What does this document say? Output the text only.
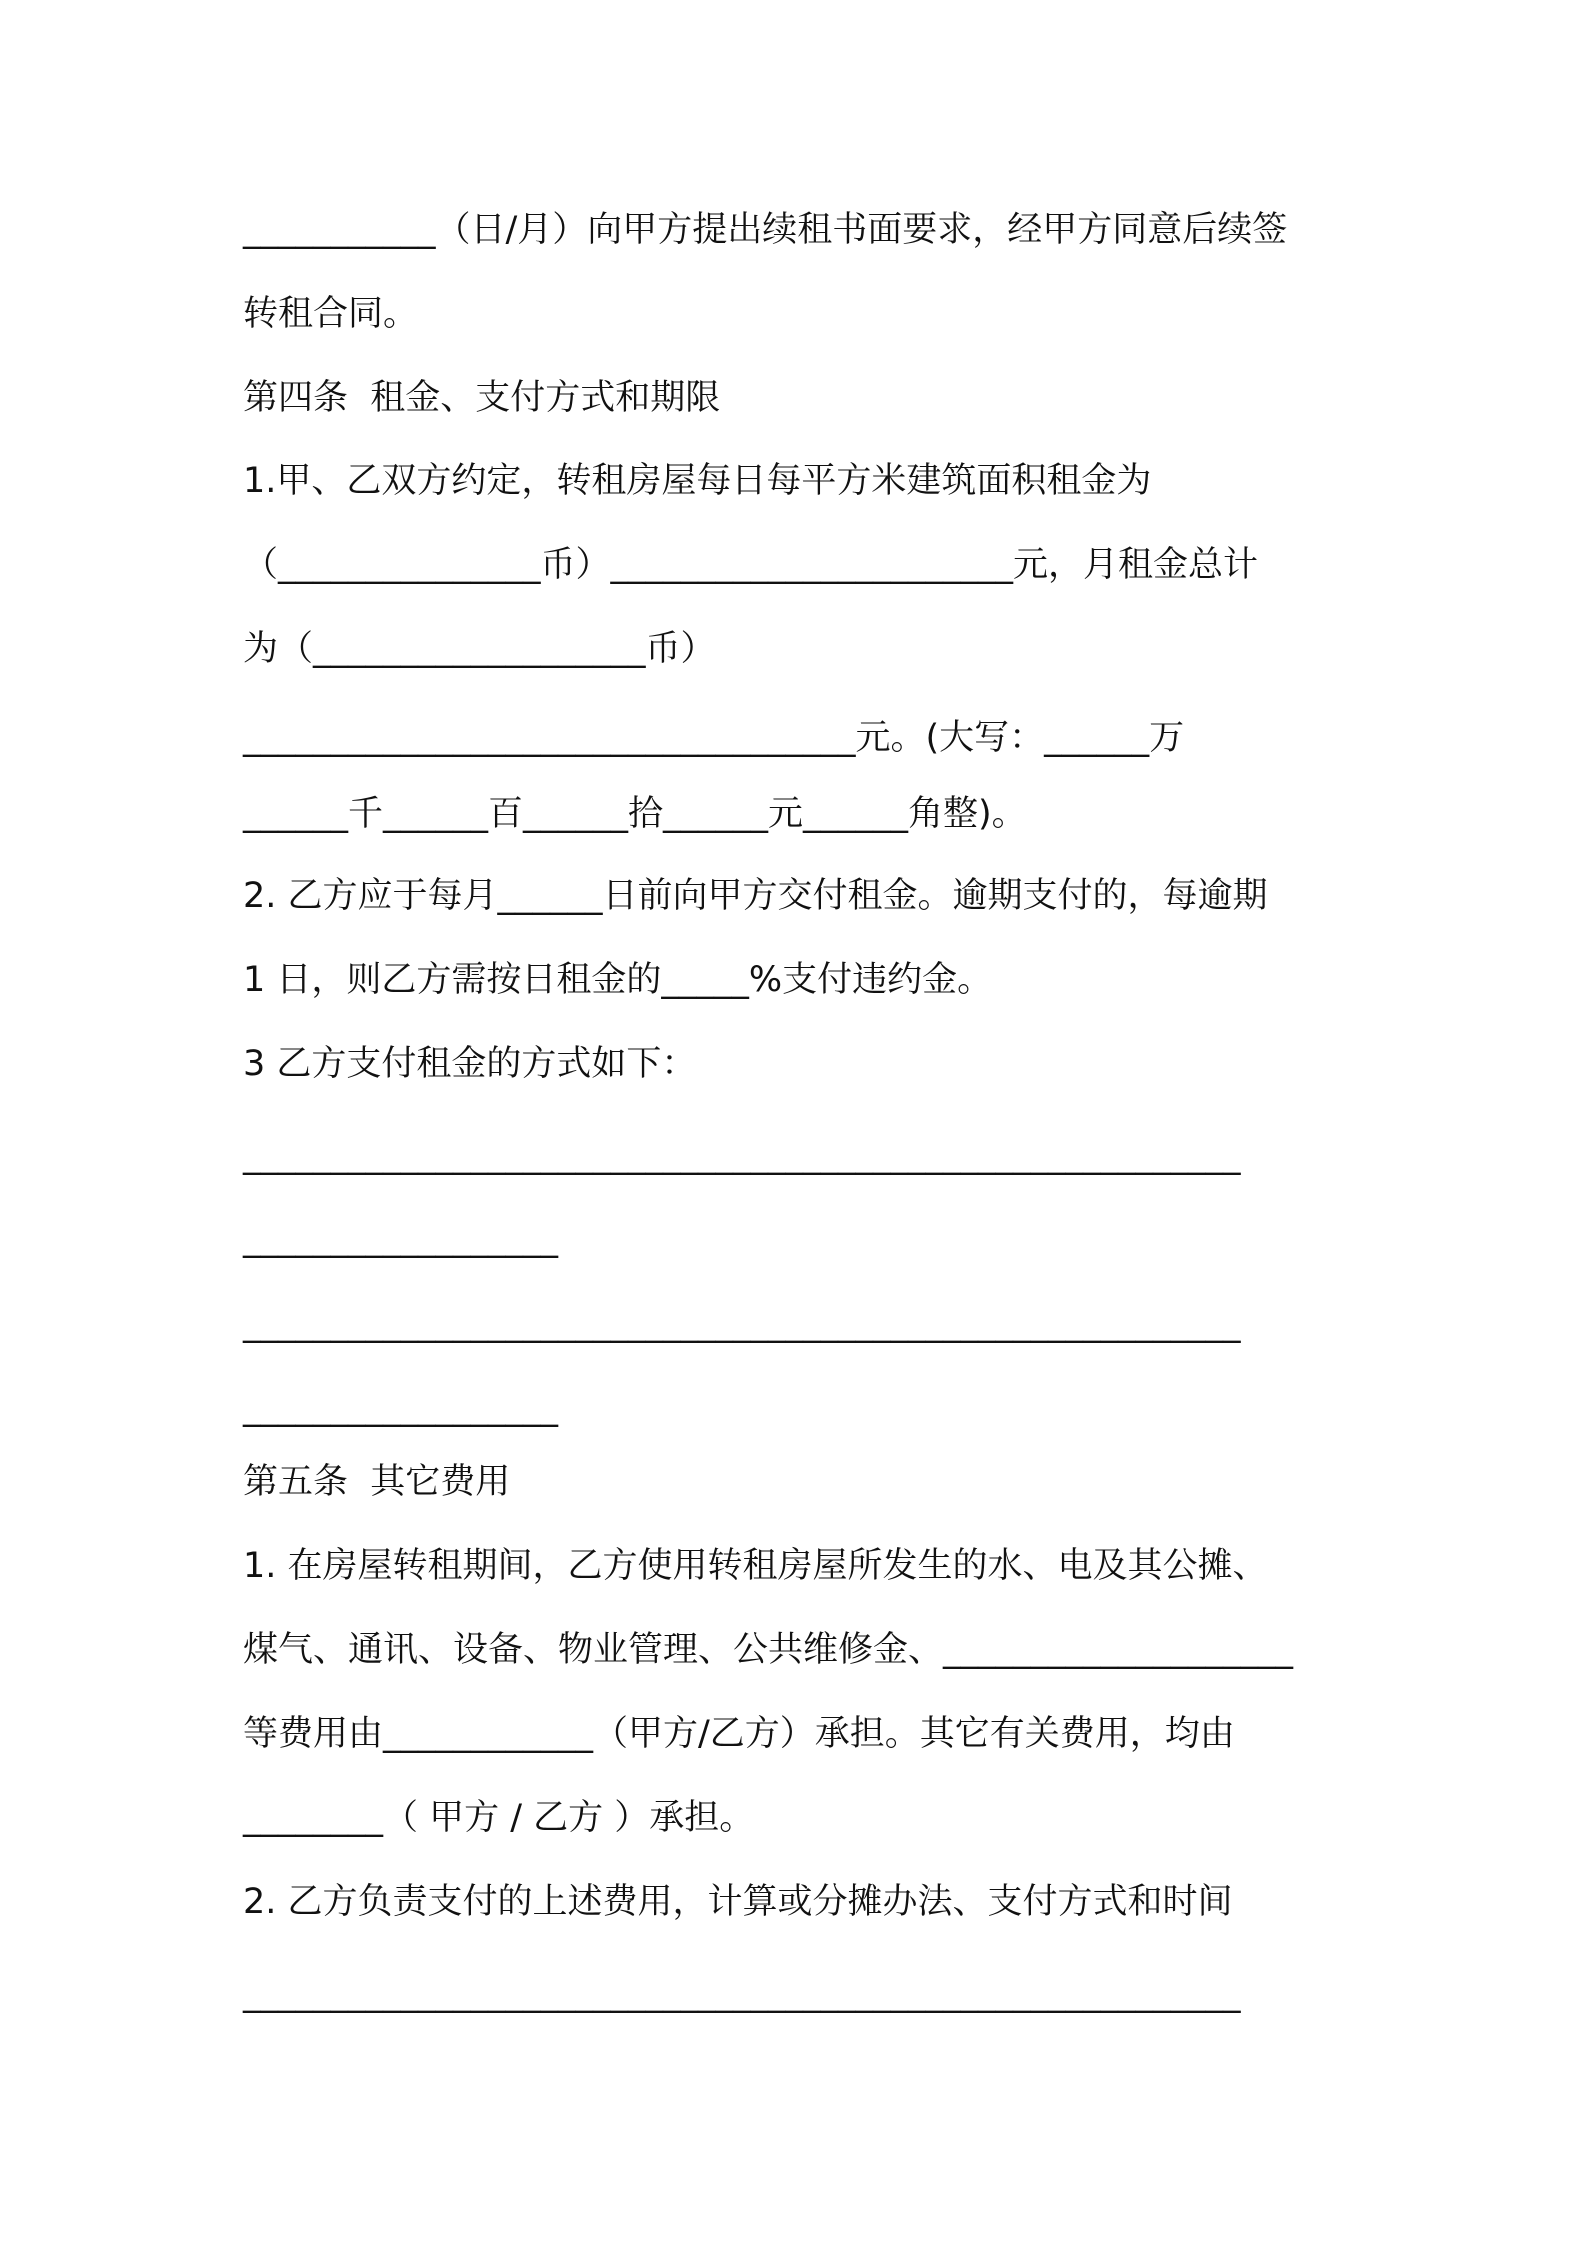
___________（日/月）向甲方提出续租书面要求，经甲方同意后续签
转租合同。
第四条  租金、支付方式和期限
1.甲、乙双方约定，转租房屋每日每平方米建筑面积租金为
（_______________币）_______________________元，月租金总计
为（___________________币）
___________________________________元。(大写：______万
______千______百______拾______元______角整)。
2. 乙方应于每月______日前向甲方交付租金。逾期支付的，每逾期
1 日，则乙方需按日租金的_____%支付违约金。
3 乙方支付租金的方式如下：
_________________________________________________________
__________________
_________________________________________________________
__________________
第五条  其它费用
1. 在房屋转租期间，乙方使用转租房屋所发生的水、电及其公摊、
煤气、通讯、设备、物业管理、公共维修金、____________________
等费用由____________（甲方/乙方）承担。其它有关费用，均由
________（ 甲方 / 乙方 ）承担。
2. 乙方负责支付的上述费用，计算或分摊办法、支付方式和时间
_________________________________________________________
